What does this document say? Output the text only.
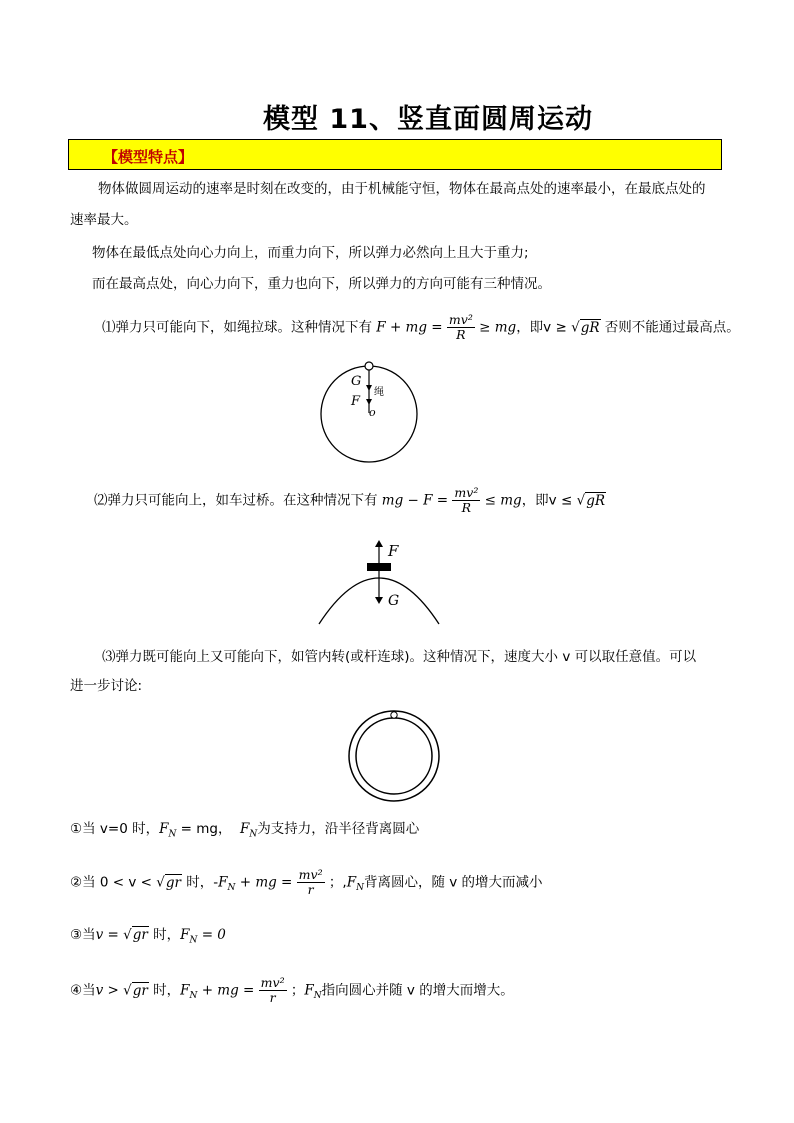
模型 11、竖直面圆周运动
【模型特点】
物体做圆周运动的速率是时刻在改变的，由于机械能守恒，物体在最高点处的速率最小，在最底点处的
速率最大。
物体在最低点处向心力向上，而重力向下，所以弹力必然向上且大于重力;
而在最高点处，向心力向下，重力也向下，所以弹力的方向可能有三种情况。
⑴弹力只可能向下，如绳拉球。这种情况下有 F + mg = $\frac{\text{mv²}}{R}$ ≥ mg，即v ≥ √gR 否则不能通过最高点。
G
F
绳
o
⑵弹力只可能向上，如车过桥。在这种情况下有 mg − $F = \frac{\text{mv²}}{R}$ ≤ mg，即v ≤ √gR
F
G
⑶弹力既可能向上又可能向下，如管内转(或杆连球)。这种情况下，速度大小 v 可以取任意值。可以
进一步讨论:
①当 v=0 时，$F_N$ = mg， $F_N$为支持力，沿半径背离圆心
②当 0 < v < √gr 时，$-F_N$ + mg = $\frac{\text{mv²}}{r}$ ；$,F_N$背离圆心，随 v 的增大而减小
③当v = √gr 时，$F_N = 0$
④当v > √gr 时，$F_N$ + mg = $\frac{\text{mv²}}{r}$ ；$F_N$指向圆心并随 v 的增大而增大。
